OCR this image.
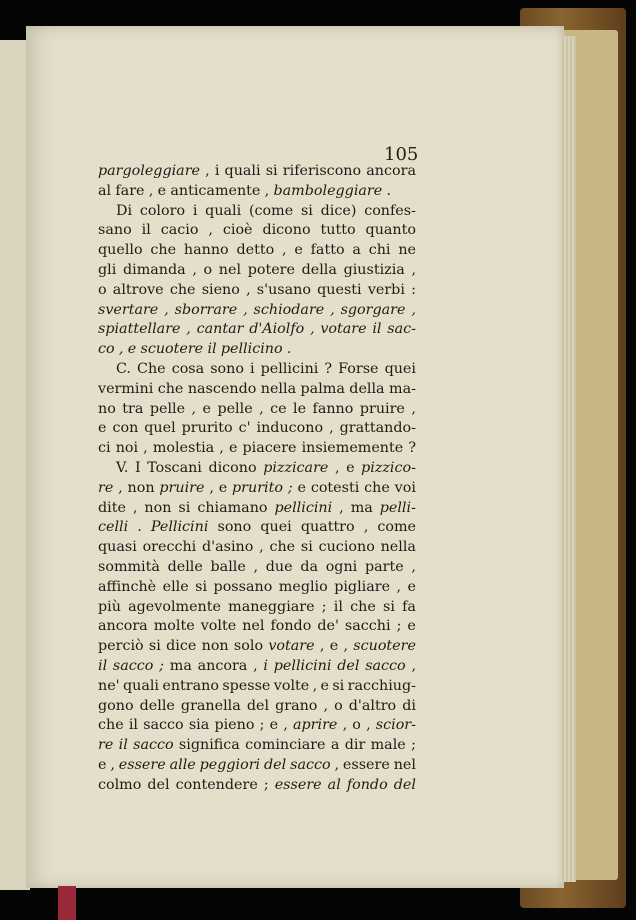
105
pargoleggiare , i quali si riferiscono ancora
al fare , e anticamente , bamboleggiare .
Di coloro i quali (come si dice) confes-
sano il cacio , cioè dicono tutto quanto
quello che hanno detto , e fatto a chi ne
gli dimanda , o nel potere della giustizia ,
o altrove che sieno , s'usano questi verbi :
svertare , sborrare , schiodare , sgorgare ,
spiattellare , cantar d'Aiolfo , votare il sac-
co , e scuotere il pellicino .
C. Che cosa sono i pellicini ? Forse quei
vermini che nascendo nella palma della ma-
no tra pelle , e pelle , ce le fanno pruire ,
e con quel prurito c' inducono , grattando-
ci noi , molestia , e piacere insiememente ?
V. I Toscani dicono pizzicare , e pizzico-
re , non pruire , e prurito ; e cotesti che voi
dite , non si chiamano pellicini , ma pelli-
celli . Pellicini sono quei quattro , come
quasi orecchi d'asino , che si cuciono nella
sommità delle balle , due da ogni parte ,
affinchè elle si possano meglio pigliare , e
più agevolmente maneggiare ; il che si fa
ancora molte volte nel fondo de' sacchi ; e
perciò si dice non solo votare , e , scuotere
il sacco ; ma ancora , i pellicini del sacco ,
ne' quali entrano spesse volte , e si racchiug-
gono delle granella del grano , o d'altro di
che il sacco sia pieno ; e , aprire , o , scior-
re il sacco significa cominciare a dir male ;
e , essere alle peggiori del sacco , essere nel
colmo del contendere ; essere al fondo del
